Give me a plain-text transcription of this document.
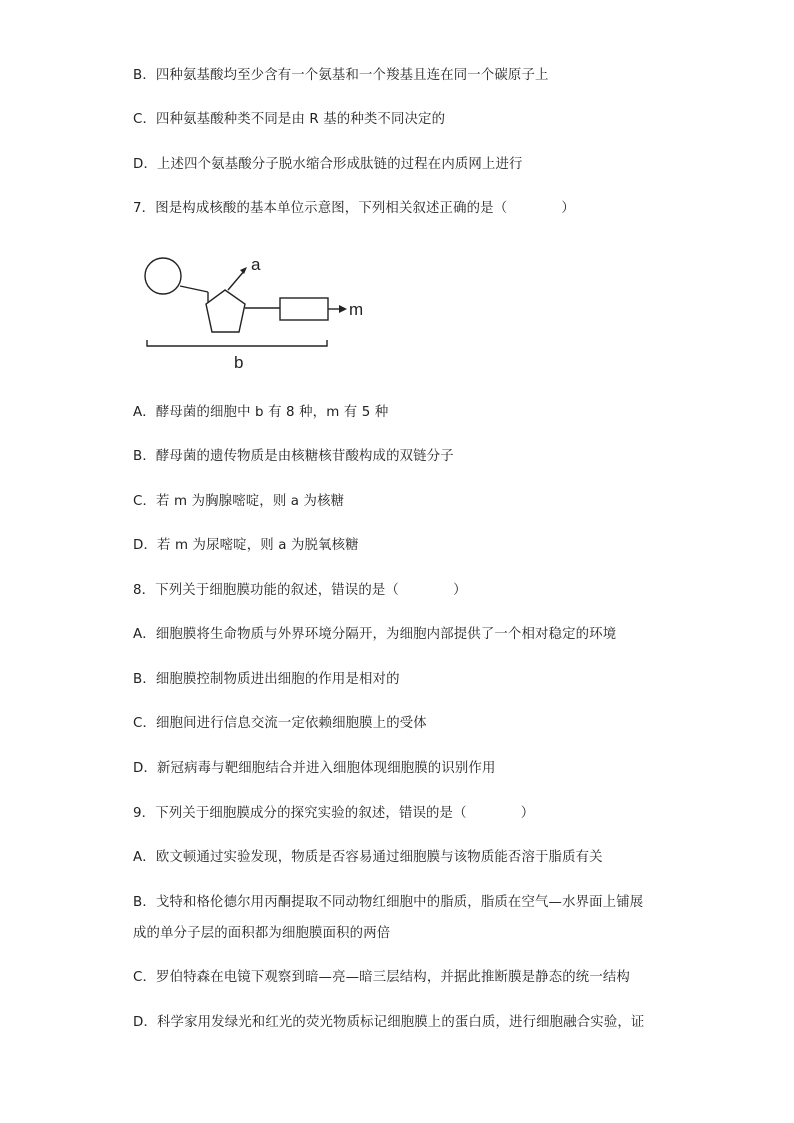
B．四种氨基酸均至少含有一个氨基和一个羧基且连在同一个碳原子上
C．四种氨基酸种类不同是由 R 基的种类不同决定的
D．上述四个氨基酸分子脱水缩合形成肽链的过程在内质网上进行
7．图是构成核酸的基本单位示意图，下列相关叙述正确的是（　　　　）
a
m
b
A．酵母菌的细胞中 b 有 8 种，m 有 5 种
B．酵母菌的遗传物质是由核糖核苷酸构成的双链分子
C．若 m 为胸腺嘧啶，则 a 为核糖
D．若 m 为尿嘧啶，则 a 为脱氧核糖
8．下列关于细胞膜功能的叙述，错误的是（　　　　）
A．细胞膜将生命物质与外界环境分隔开，为细胞内部提供了一个相对稳定的环境
B．细胞膜控制物质进出细胞的作用是相对的
C．细胞间进行信息交流一定依赖细胞膜上的受体
D．新冠病毒与靶细胞结合并进入细胞体现细胞膜的识别作用
9．下列关于细胞膜成分的探究实验的叙述，错误的是（　　　　）
A．欧文顿通过实验发现，物质是否容易通过细胞膜与该物质能否溶于脂质有关
B．戈特和格伦德尔用丙酮提取不同动物红细胞中的脂质，脂质在空气—水界面上铺展
成的单分子层的面积都为细胞膜面积的两倍
C．罗伯特森在电镜下观察到暗—亮—暗三层结构，并据此推断膜是静态的统一结构
D．科学家用发绿光和红光的荧光物质标记细胞膜上的蛋白质，进行细胞融合实验，证
